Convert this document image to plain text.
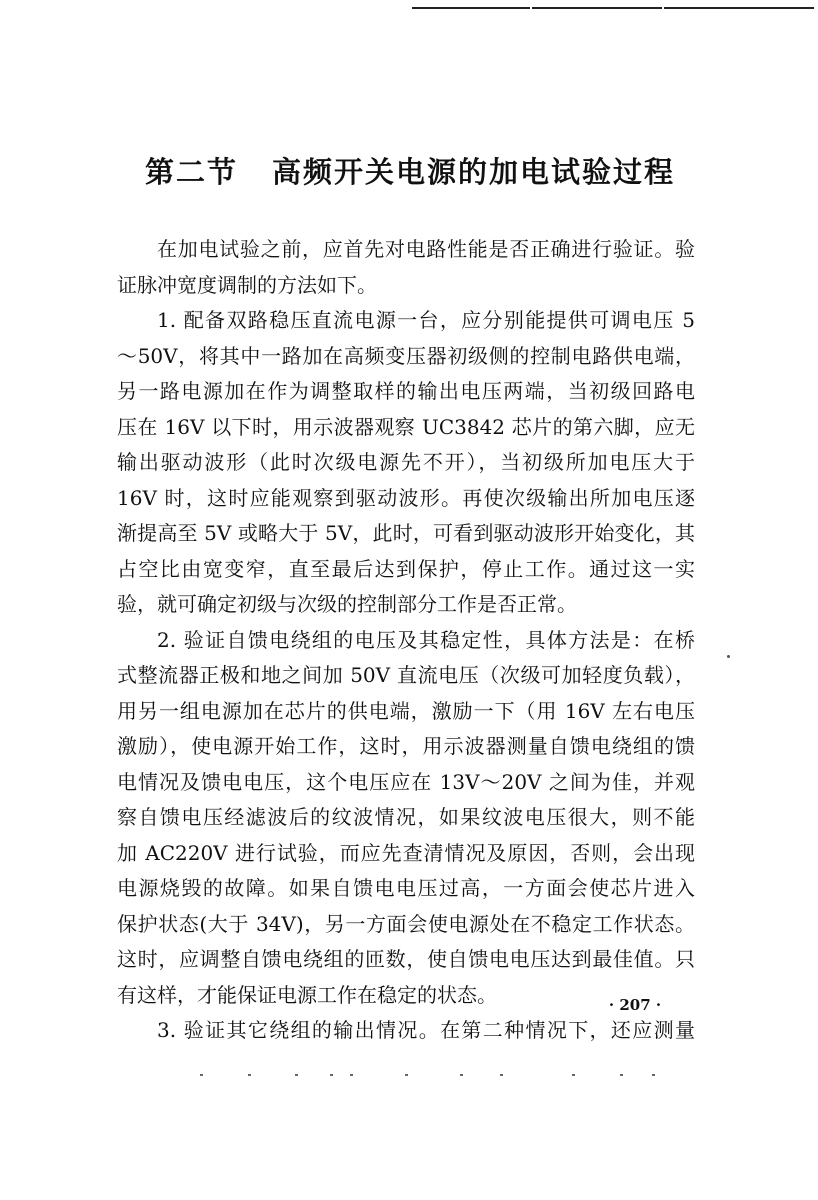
第二节 高频开关电源的加电试验过程
在加电试验之前，应首先对电路性能是否正确进行验证。验
证脉冲宽度调制的方法如下。
1. 配备双路稳压直流电源一台，应分别能提供可调电压 5
～50V，将其中一路加在高频变压器初级侧的控制电路供电端，
另一路电源加在作为调整取样的输出电压两端，当初级回路电
压在 16V 以下时，用示波器观察 UC3842 芯片的第六脚，应无
输出驱动波形（此时次级电源先不开），当初级所加电压大于
16V 时，这时应能观察到驱动波形。再使次级输出所加电压逐
渐提高至 5V 或略大于 5V，此时，可看到驱动波形开始变化，其
占空比由宽变窄，直至最后达到保护，停止工作。通过这一实
验，就可确定初级与次级的控制部分工作是否正常。
2. 验证自馈电绕组的电压及其稳定性，具体方法是：在桥
式整流器正极和地之间加 50V 直流电压（次级可加轻度负载），
用另一组电源加在芯片的供电端，激励一下（用 16V 左右电压
激励），使电源开始工作，这时，用示波器测量自馈电绕组的馈
电情况及馈电电压，这个电压应在 13V～20V 之间为佳，并观
察自馈电压经滤波后的纹波情况，如果纹波电压很大，则不能
加 AC220V 进行试验，而应先查清情况及原因，否则，会出现
电源烧毁的故障。如果自馈电电压过高，一方面会使芯片进入
保护状态(大于 34V)，另一方面会使电源处在不稳定工作状态。
这时，应调整自馈电绕组的匝数，使自馈电电压达到最佳值。只
有这样，才能保证电源工作在稳定的状态。
3. 验证其它绕组的输出情况。在第二种情况下，还应测量
· 207 ·
